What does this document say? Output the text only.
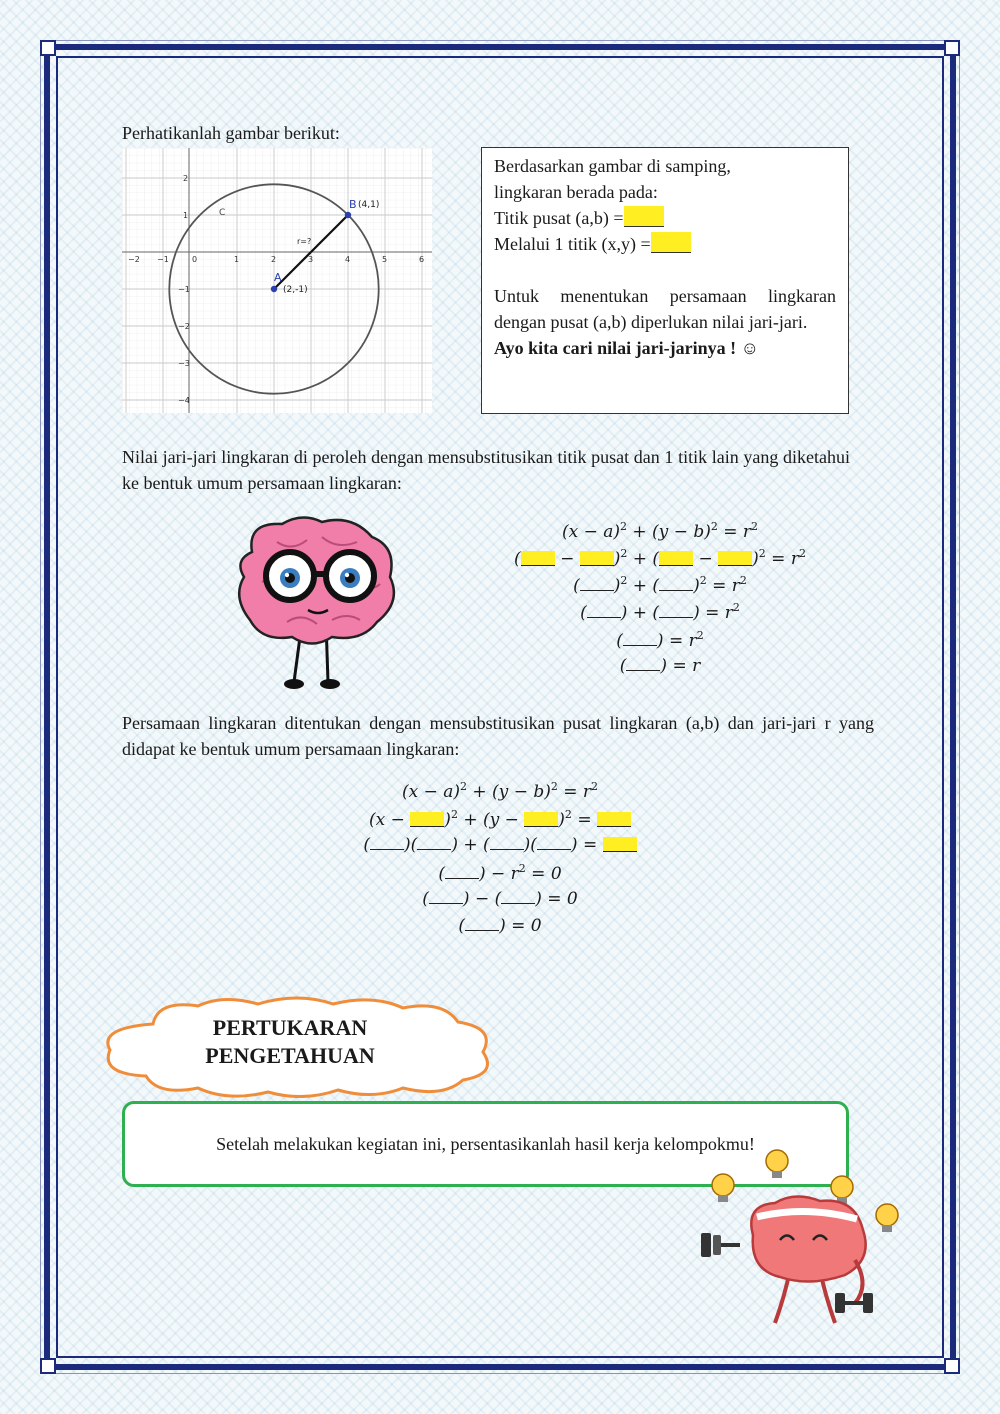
Perhatikanlah gambar berikut:
−2 −1	0	1	2	3	4	5	6
2
1
−1
−2
−3
−4
C
A
(2,-1)
B (4,1)
r=?
Berdasarkan gambar di samping,
lingkaran berada pada:
Titik pusat (a,b) =
Melalui 1 titik (x,y) =
Untuk menentukan persamaan lingkaran dengan pusat (a,b) diperlukan nilai jari-jari.
Ayo kita cari nilai jari-jarinya ! ☺
Nilai jari-jari lingkaran di peroleh dengan mensubstitusikan titik pusat dan 1 titik lain yang diketahui ke bentuk umum persamaan lingkaran:
$(x - a)^2 + (y - b)^2 = r^2$
( − )$^2$ + ( − )$^2 = r^2$
( )$^2$ + ( )$^2 = r^2$
( ) + ( ) = $r^2$
( ) = $r^2$
( ) = r
Persamaan lingkaran ditentukan dengan mensubstitusikan pusat lingkaran (a,b) dan jari-jari r yang didapat ke bentuk umum persamaan lingkaran:
$(x - a)^2 + (y - b)^2 = r^2$
$(x - )^2 + (y - )^2$ =
( )( ) + ( )( ) =
( ) − $r^2 = 0$
( ) − ( ) = 0
( ) = 0
PERTUKARAN
PENGETAHUAN

Setelah melakukan kegiatan ini, persentasikanlah hasil kerja kelompokmu!
